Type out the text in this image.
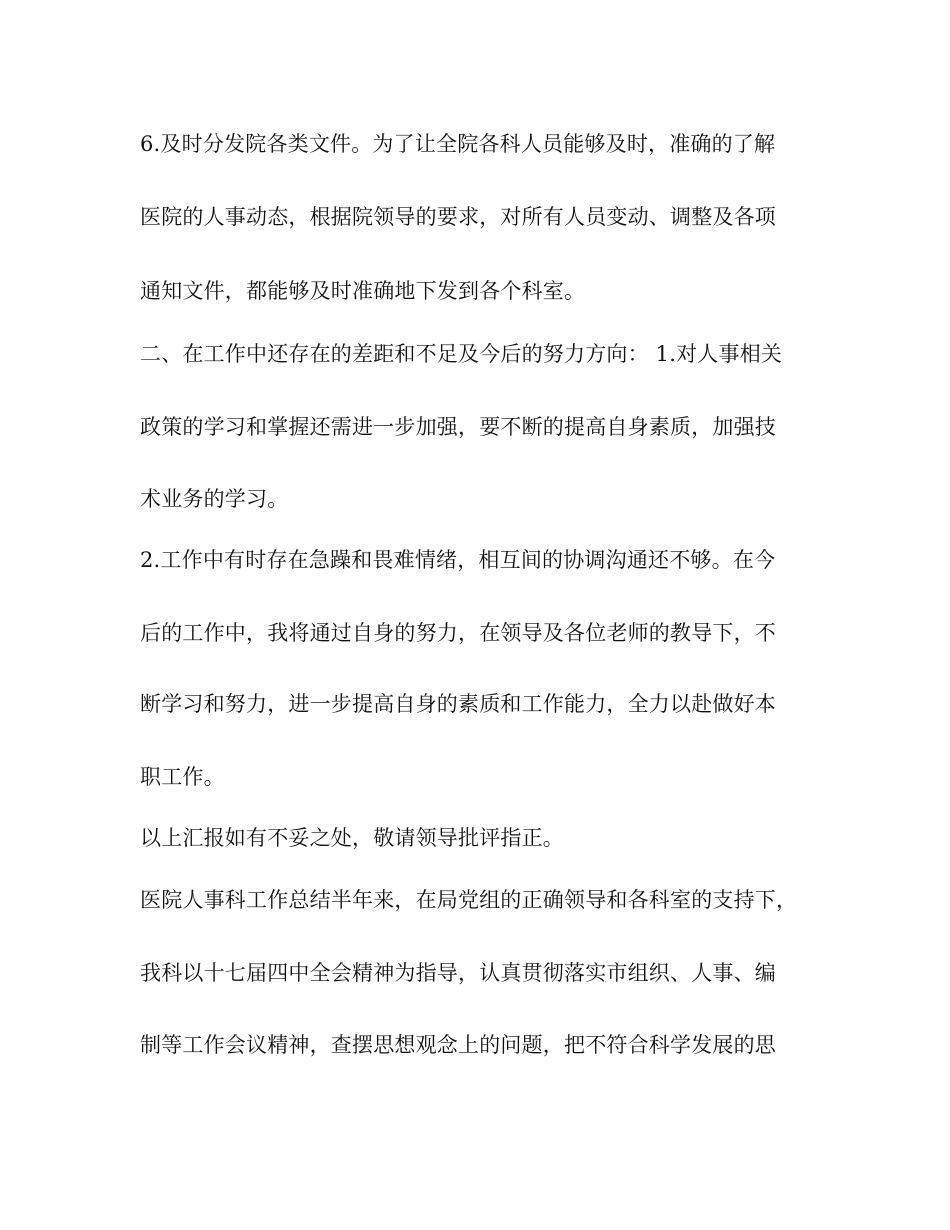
6.及时分发院各类文件。为了让全院各科人员能够及时，准确的了解
医院的人事动态，根据院领导的要求，对所有人员变动、调整及各项
通知文件，都能够及时准确地下发到各个科室。
二、在工作中还存在的差距和不足及今后的努力方向： 1.对人事相关
政策的学习和掌握还需进一步加强，要不断的提高自身素质，加强技
术业务的学习。
2.工作中有时存在急躁和畏难情绪，相互间的协调沟通还不够。在今
后的工作中，我将通过自身的努力，在领导及各位老师的教导下，不
断学习和努力，进一步提高自身的素质和工作能力，全力以赴做好本
职工作。
以上汇报如有不妥之处，敬请领导批评指正。
医院人事科工作总结半年来，在局党组的正确领导和各科室的支持下，
我科以十七届四中全会精神为指导，认真贯彻落实市组织、人事、编
制等工作会议精神，查摆思想观念上的问题，把不符合科学发展的思
